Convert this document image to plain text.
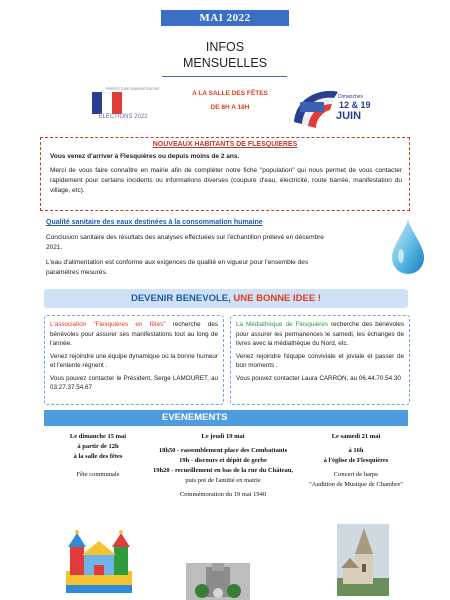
MAI 2022
INFOS
MENSUELLES
PRÉFECTURE ADMINISTRATIVE
ÉLECTIONS 2022
A LA SALLE DES FÊTES
DE 8H A 18H
Dimanches
12 & 19
JUIN
NOUVEAUX HABITANTS DE FLESQUIERES
Vous venez d'arriver à Flesquières ou depuis moins de 2 ans.
Merci de vous faire connaître en mairie afin de compléter notre fiche "population" qui nous permet de vous contacter rapidement pour certains incidents ou informations diverses (coupure d'eau, électricité, route barrée, manifestation du village, etc).
Qualité sanitaire des eaux destinées à la consommation humaine
Conclusion sanitaire des résultats des analyses effectuées sur l'échantillon prélevé en décembre 2021.
L'eau d'alimentation est conforme aux exigences de qualité en vigueur pour l'ensemble des paramètres mesurés.
DEVENIR BENEVOLE, UNE BONNE IDEE !

L'association "Flesquières en fêtes" recherche des bénévoles pour assurer ses manifestations tout au long de l'année.

Venez rejoindre une équipe dynamique où la bonne humeur et l'entente règnent .

Vous pouvez contacter le Président, Serge LAMOURET, au 03.27.37.54.67

La Médiathèque de Flesquières recherche des bénévoles pour assurer les permanences le samedi, les échanges de livres avec la médiathèque du Nord, etc.

Venez rejoindre l'équipe conviviale et joviale et passer de bon moments .

Vous pouvez contacter Laura CARRON, au 06.44.70.54.30

EVENEMENTS
Le dimanche 15 mai
à partir de 12h
à la salle des fêtes
Fête communale
Le jeudi 19 mai
18h50 - rassemblement place des Combattants
19h - discours et dépôt de gerbe
19h20 - recueillement en bas de la rue du Château, puis pot de l'amitié en mairie
Commémoration du 19 mai 1940
Le samedi 21 mai
à 16h
à l'église de Flesquières
Concert de harpe
"Audition de Musique de Chambre"
